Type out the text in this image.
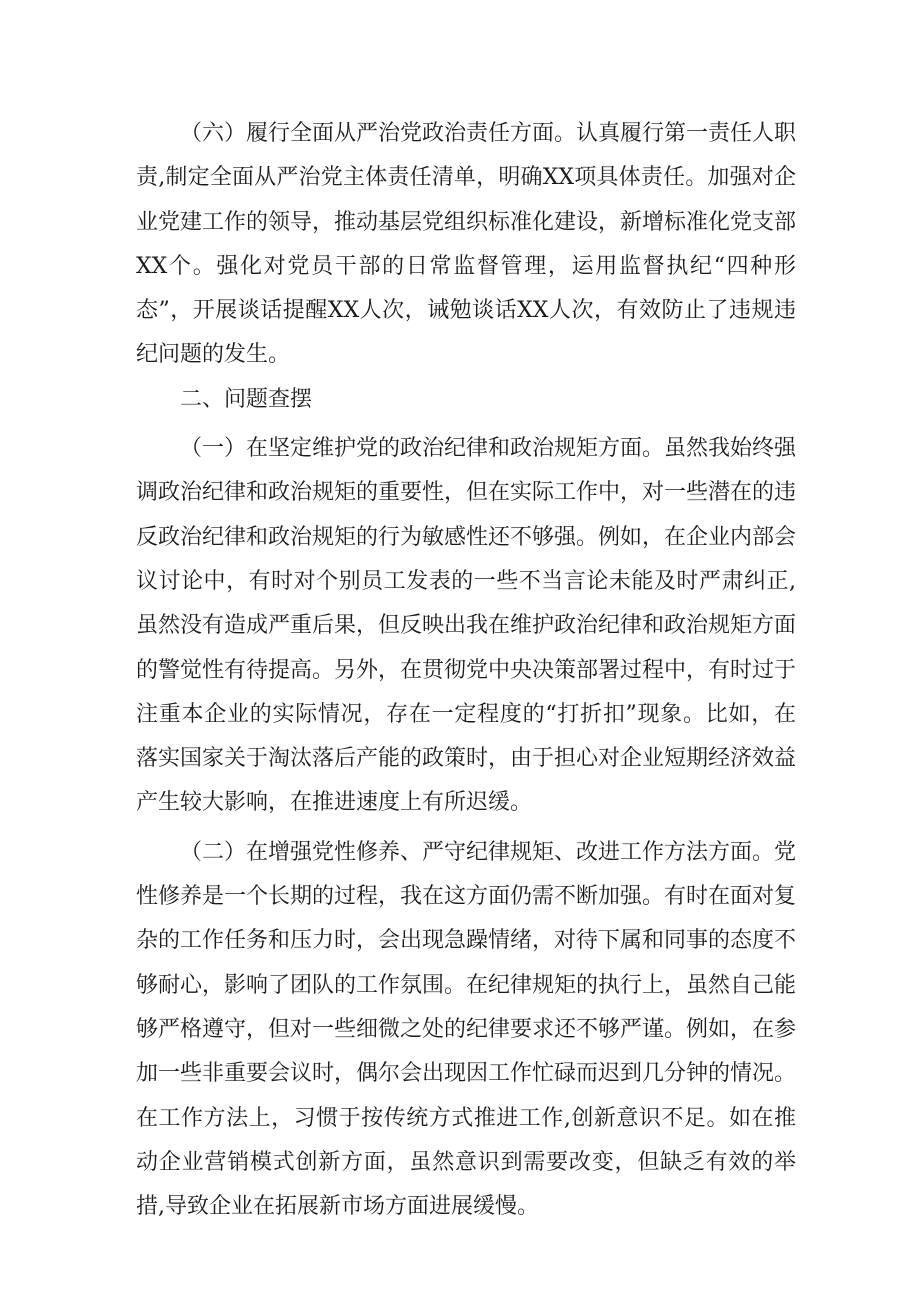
（六）履行全面从严治党政治责任方面。认真履行第一责任人职责,制定全面从严治党主体责任清单，明确XX项具体责任。加强对企业党建工作的领导，推动基层党组织标准化建设，新增标准化党支部XX个。强化对党员干部的日常监督管理，运用监督执纪“四种形态”，开展谈话提醒XX人次，诫勉谈话XX人次，有效防止了违规违纪问题的发生。

二、问题查摆

（一）在坚定维护党的政治纪律和政治规矩方面。虽然我始终强调政治纪律和政治规矩的重要性，但在实际工作中，对一些潜在的违反政治纪律和政治规矩的行为敏感性还不够强。例如，在企业内部会议讨论中，有时对个别员工发表的一些不当言论未能及时严肃纠正,虽然没有造成严重后果，但反映出我在维护政治纪律和政治规矩方面的警觉性有待提高。另外，在贯彻党中央决策部署过程中，有时过于注重本企业的实际情况，存在一定程度的“打折扣”现象。比如，在落实国家关于淘汰落后产能的政策时，由于担心对企业短期经济效益产生较大影响，在推进速度上有所迟缓。

（二）在增强党性修养、严守纪律规矩、改进工作方法方面。党性修养是一个长期的过程，我在这方面仍需不断加强。有时在面对复杂的工作任务和压力时，会出现急躁情绪，对待下属和同事的态度不够耐心，影响了团队的工作氛围。在纪律规矩的执行上，虽然自己能够严格遵守，但对一些细微之处的纪律要求还不够严谨。例如，在参加一些非重要会议时，偶尔会出现因工作忙碌而迟到几分钟的情况。在工作方法上，习惯于按传统方式推进工作,创新意识不足。如在推动企业营销模式创新方面，虽然意识到需要改变，但缺乏有效的举措,导致企业在拓展新市场方面进展缓慢。
